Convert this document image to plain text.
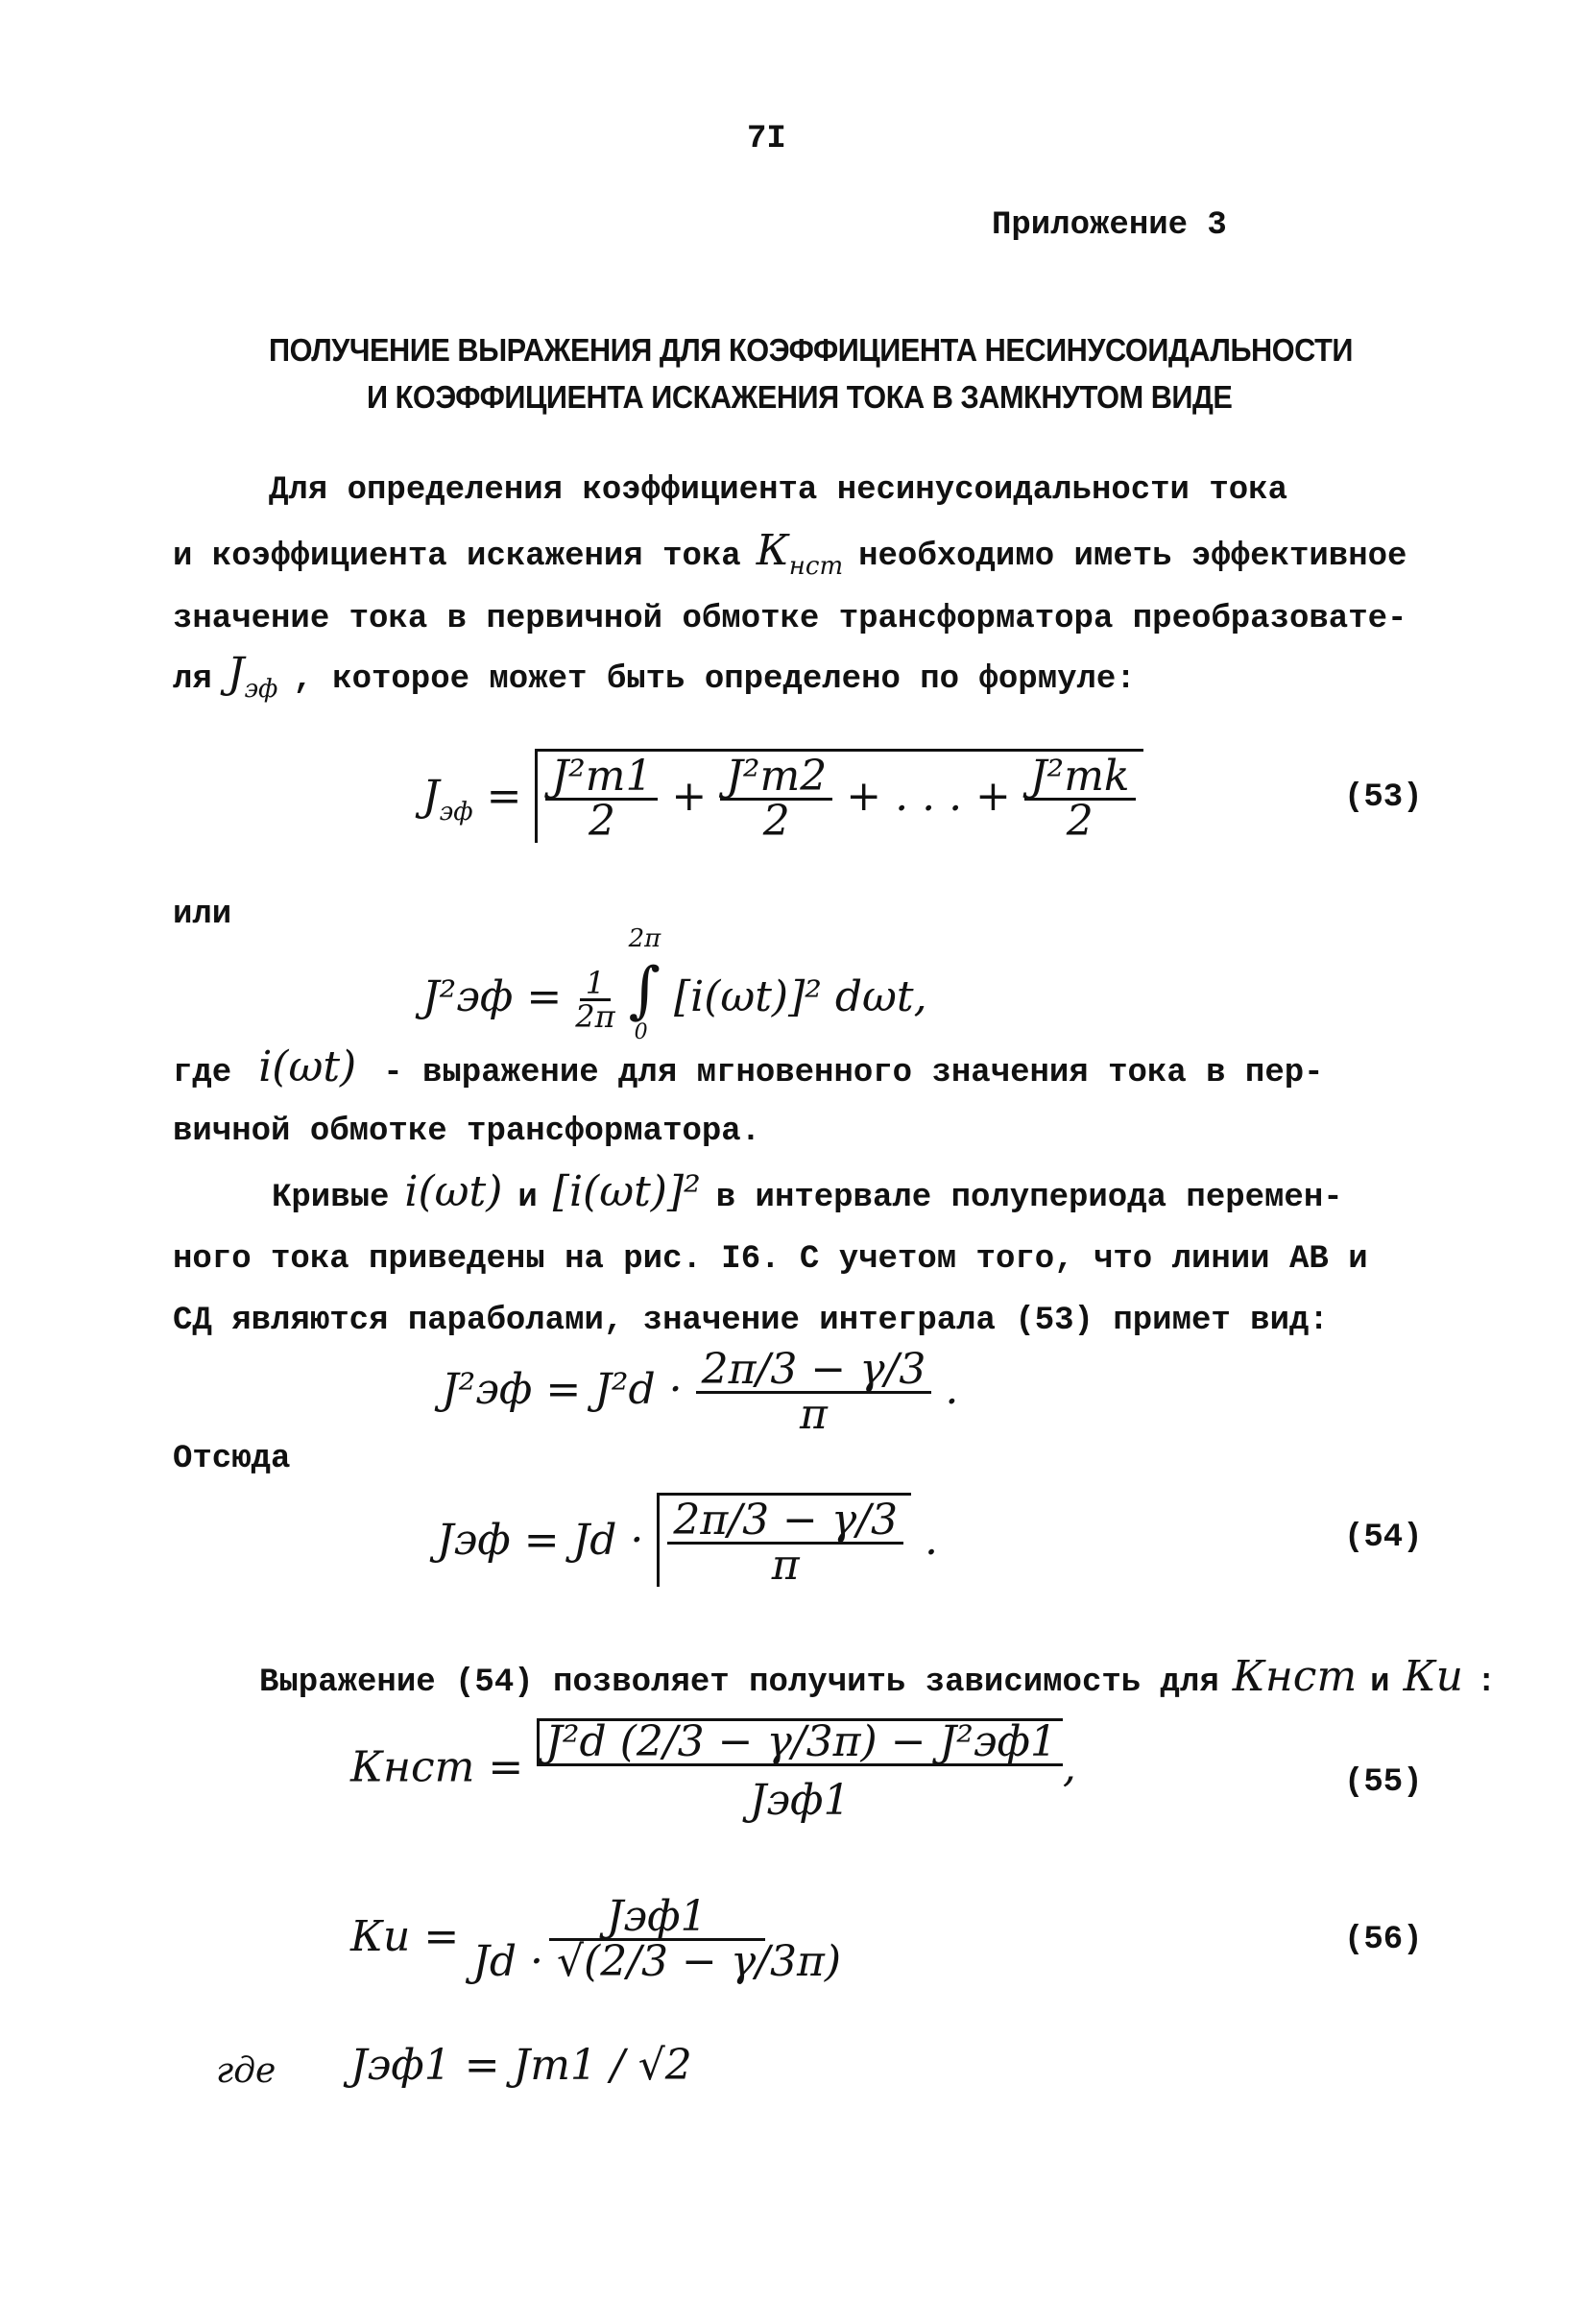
7I
Приложение 3
ПОЛУЧЕНИЕ ВЫРАЖЕНИЯ ДЛЯ КОЭФФИЦИЕНТА НЕСИНУСОИДАЛЬНОСТИ
И КОЭФФИЦИЕНТА ИСКАЖЕНИЯ ТОКА В ЗАМКНУТОМ ВИДЕ
Для определения коэффициента несинусоидальности тока
и коэффициента искажения тока $К_{нст}$ необходимо иметь эффективное
значение тока в первичной обмотке трансформатора преобразовате-
ля $J_{эф}$ , которое может быть определено по формуле:
$J_{эф} = \frac{\text{J²m1}}{2} + \frac{\text{J²m2}}{2}$ + . . . + $\frac{\text{J²mk}}{2}$	(53)
или
$J^2эф = \frac{1}{2\pi}$ ∫
2π
0
[i(ωt)]² dωt,
где i(ωt) - выражение для мгновенного значения тока в пер-
вичной обмотке трансформатора.
Кривые i(ωt) и [i(ωt)]² в интервале полупериода перемен-
ного тока приведены на рис. I6. С учетом того, что линии AB и
СД являются параболами, значение интеграла (53) примет вид:
$J^2эф = J^2d \cdot \frac{2\pi/3 - \gamma/3}{\pi}$ .
Отсюда
Jэф = $Jd \cdot \frac{2\pi/3 - \gamma/3}{\pi}$ .	(54)
Выражение (54) позволяет получить зависимость для Кнст и Кu :
Кнст = $\frac{\text{J²d (2/3 − γ/3π) − J²эф1}}{\text{Jэф1}}$ ,	(55)
Кu = $\frac{\text{Jэф1}}{Jd \cdot √(2/3 - \gamma/3\pi)}$	(56)
где Jэф1 = Jm1 / √2
